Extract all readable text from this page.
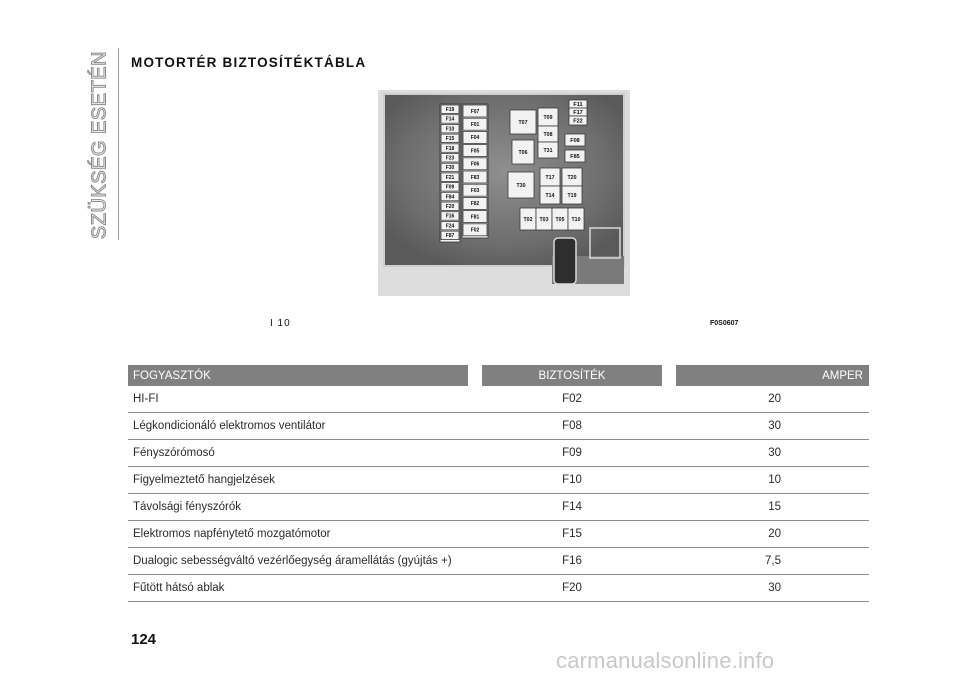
SZÜKSÉG ESETÉN MOTORTÉR BIZTOSÍTÉKTÁBLA
F19
F14
F10
F15
F18
F23
F30
F21
F09
F84
F20
F16
F24
F87
F07
F01
F04
F05
F06
F83
F03
F82
F81
F02
T07
T09
T08
T06	T31
T30
T17	T20
T14	T19
T02 T03 T05 T10
F11
F17
F22
F08
F85
I 10	F0S0607
FOGYASZTÓK		BIZTOSÍTÉK		AMPER
HI-FI		F02		20
Légkondicionáló elektromos ventilátor		F08		30
Fényszórómosó		F09		30
Figyelmeztető hangjelzések		F10		10
Távolsági fényszórók		F14		15
Elektromos napfénytető mozgatómotor		F15		20
Dualogic sebességváltó vezérlőegység áramellátás (gyújtás +)		F16		7,5
Fűtött hátsó ablak		F20		30
124
carmanualsonline.info
